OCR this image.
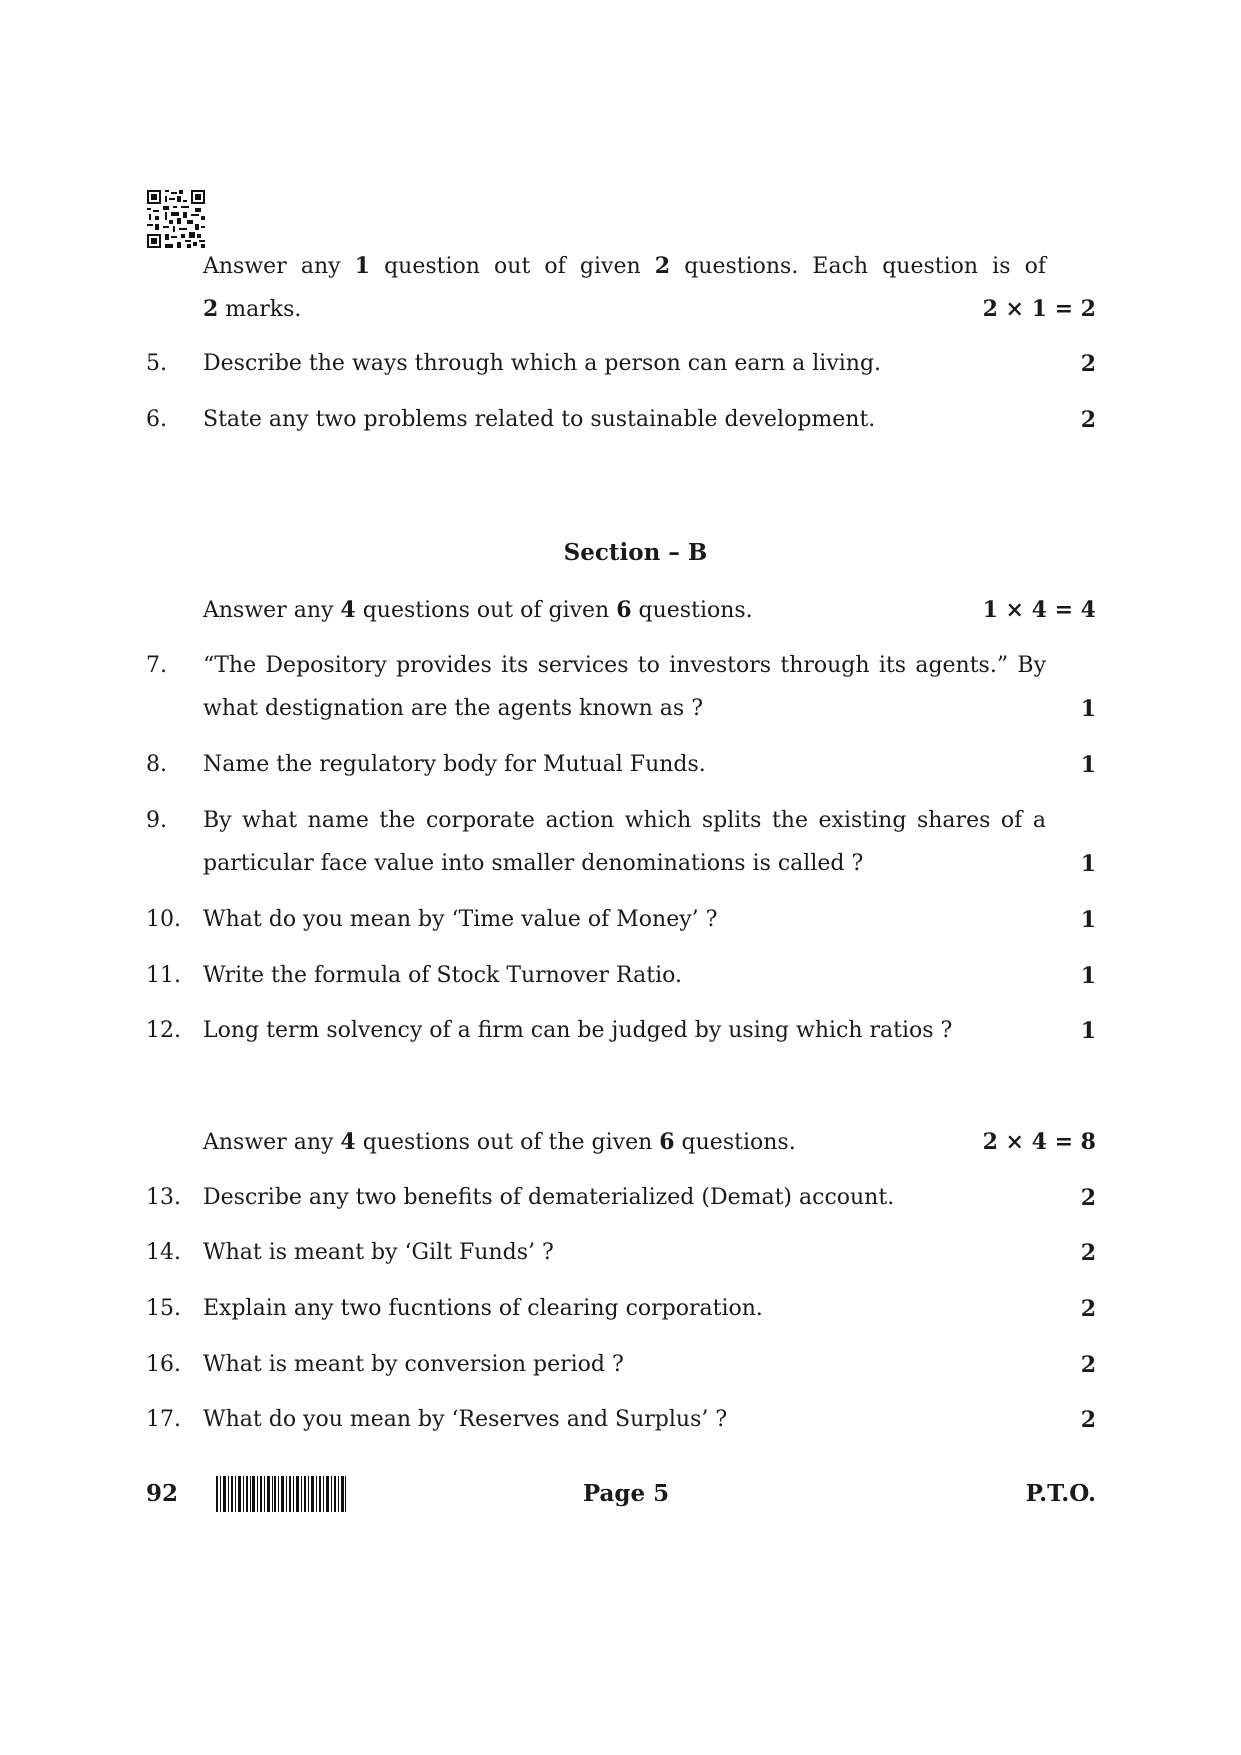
Answer any 1 question out of given 2 questions. Each question is of
2 marks.	2 × 1 = 2
5.	Describe the ways through which a person can earn a living.	2
6.	State any two problems related to sustainable development.	2
Section – B
Answer any 4 questions out of given 6 questions.	1 × 4 = 4
7.	“The Depository provides its services to investors through its agents.” By
what destignation are the agents known as ?	1
8.	Name the regulatory body for Mutual Funds.	1
9.	By what name the corporate action which splits the existing shares of a
particular face value into smaller denominations is called ?	1
10.	What do you mean by ‘Time value of Money’ ?	1
11.	Write the formula of Stock Turnover Ratio.	1
12.	Long term solvency of a firm can be judged by using which ratios ?	1
Answer any 4 questions out of the given 6 questions.	2 × 4 = 8
13.	Describe any two benefits of dematerialized (Demat) account.	2
14.	What is meant by ‘Gilt Funds’ ?	2
15.	Explain any two fucntions of clearing corporation.	2
16.	What is meant by conversion period ?	2
17.	What do you mean by ‘Reserves and Surplus’ ?	2
92	Page 5	P.T.O.
